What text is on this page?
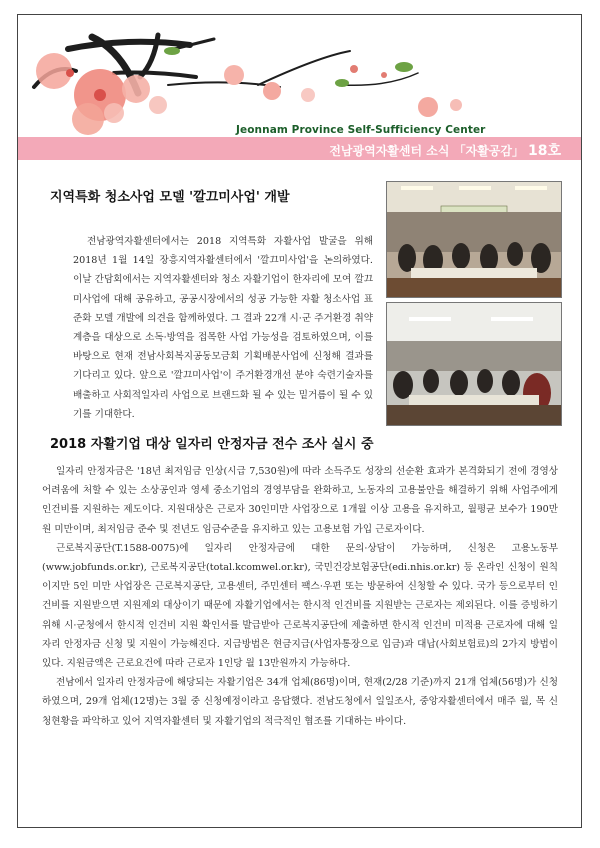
Jeonnam Province Self-Sufficiency Center
전남광역자활센터 소식 「자활공감」 18호
지역특화 청소사업 모델 '깔끄미사업' 개발
전남광역자활센터에서는 2018 지역특화 자활사업 발굴을 위해 2018년 1월 14일 장흥지역자활센터에서 '깔끄미사업'을 논의하였다. 이날 간담회에서는 지역자활센터와 청소 자활기업이 한자리에 모여 깔끄미사업에 대해 공유하고, 공공시장에서의 성공 가능한 자활 청소사업 표준화 모델 개발에 의견을 함께하였다. 그 결과 22개 시·군 주거환경 취약계층을 대상으로 소독·방역을 접목한 사업 가능성을 검토하였으며, 이를 바탕으로 현재 전남사회복지공동모금회 기획배분사업에 신청해 결과를 기다리고 있다. 앞으로 '깔끄미사업'이 주거환경개선 분야 숙련기술자를 배출하고 사회적일자리 사업으로 브랜드화 될 수 있는 밑거름이 될 수 있기를 기대한다.
2018 자활기업 대상 일자리 안정자금 전수 조사 실시 중
일자리 안정자금은 '18년 최저임금 인상(시급 7,530원)에 따라 소득주도 성장의 선순환 효과가 본격화되기 전에 경영상 어려움에 처할 수 있는 소상공인과 영세 중소기업의 경영부담을 완화하고, 노동자의 고용불안을 해결하기 위해 사업주에게 인건비를 지원하는 제도이다. 지원대상은 근로자 30인미만 사업장으로 1개월 이상 고용을 유지하고, 월평균 보수가 190만원 미만이며, 최저임금 준수 및 전년도 임금수준을 유지하고 있는 고용보험 가입 근로자이다.
근로복지공단(T.1588-0075)에 일자리 안정자금에 대한 문의·상담이 가능하며, 신청은 고용노동부(www.jobfunds.or.kr), 근로복지공단(total.kcomwel.or.kr), 국민건강보험공단(edi.nhis.or.kr) 등 온라인 신청이 원칙이지만 5인 미만 사업장은 근로복지공단, 고용센터, 주민센터 팩스·우편 또는 방문하여 신청할 수 있다. 국가 등으로부터 인건비를 지원받으면 지원제외 대상이기 때문에 자활기업에서는 한시적 인건비를 지원받는 근로자는 제외된다. 이를 증빙하기 위해 시·군청에서 한시적 인건비 지원 확인서를 발급받아 근로복지공단에 제출하면 한시적 인건비 미적용 근로자에 대해 일자리 안정자금 신청 및 지원이 가능해진다. 지급방법은 현금지급(사업자통장으로 입금)과 대납(사회보험료)의 2가지 방법이 있다. 지원금액은 근로요건에 따라 근로자 1인당 월 13만원까지 가능하다.
전남에서 일자리 안정자금에 해당되는 자활기업은 34개 업체(86명)이며, 현재(2/28 기준)까지 21개 업체(56명)가 신청하였으며, 29개 업체(12명)는 3월 중 신청예정이라고 응답했다. 전남도청에서 일일조사, 중앙자활센터에서 매주 월, 목 신청현황을 파악하고 있어 지역자활센터 및 자활기업의 적극적인 협조를 기대하는 바이다.
